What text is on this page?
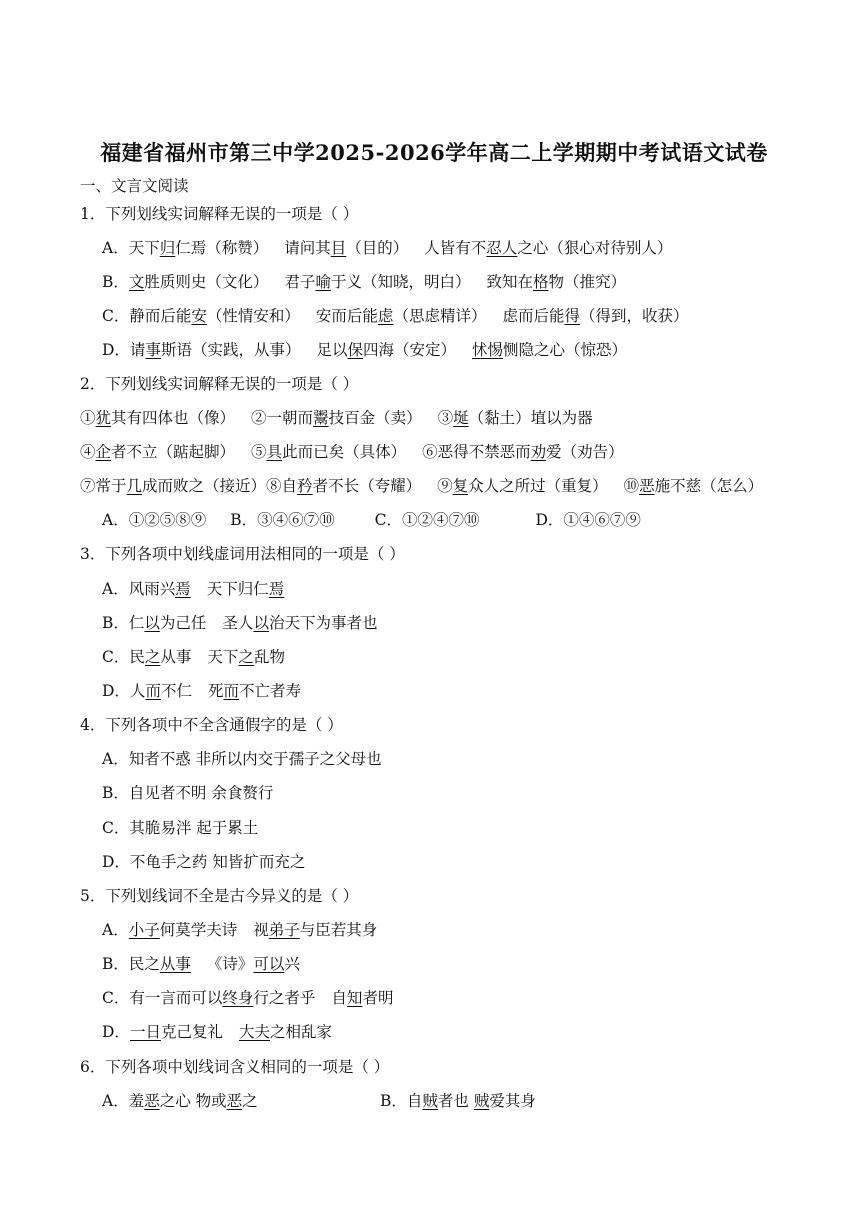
福建省福州市第三中学2025-2026学年高二上学期期中考试语文试卷
一、文言文阅读
1．下列划线实词解释无误的一项是（ ）
A．天下归仁焉（称赞） 请问其目（目的） 人皆有不忍人之心（狠心对待别人）
B．文胜质则史（文化） 君子喻于义（知晓，明白） 致知在格物（推究）
C．静而后能安（性情安和） 安而后能虑（思虑精详） 虑而后能得（得到，收获）
D．请事斯语（实践，从事） 足以保四海（安定） 怵惕恻隐之心（惊恐）
2．下列划线实词解释无误的一项是（ ）
①犹其有四体也（像） ②一朝而鬻技百金（卖） ③埏（黏土）埴以为器
④企者不立（踮起脚） ⑤具此而已矣（具体） ⑥恶得不禁恶而劝爱（劝告）
⑦常于几成而败之（接近）⑧自矜者不长（夸耀） ⑨复众人之所过（重复） ⑩恶施不慈（怎么）
A．①②⑤⑧⑨ B．③④⑥⑦⑩	C．①②④⑦⑩	D．①④⑥⑦⑨
3．下列各项中划线虚词用法相同的一项是（ ）
A．风雨兴焉 天下归仁焉
B．仁以为己任 圣人以治天下为事者也
C．民之从事 天下之乱物
D．人而不仁 死而不亡者寿
4．下列各项中不全含通假字的是（ ）
A．知者不惑 非所以内交于孺子之父母也
B．自见者不明 余食赘行
C．其脆易泮 起于累土
D．不龟手之药 知皆扩而充之
5．下列划线词不全是古今异义的是（ ）
A．小子何莫学夫诗 视弟子与臣若其身
B．民之从事 《诗》可以兴
C．有一言而可以终身行之者乎 自知者明
D．一日克己复礼 大夫之相乱家
6．下列各项中划线词含义相同的一项是（ ）
A．羞恶之心 物或恶之	B．自贼者也 贼爱其身
